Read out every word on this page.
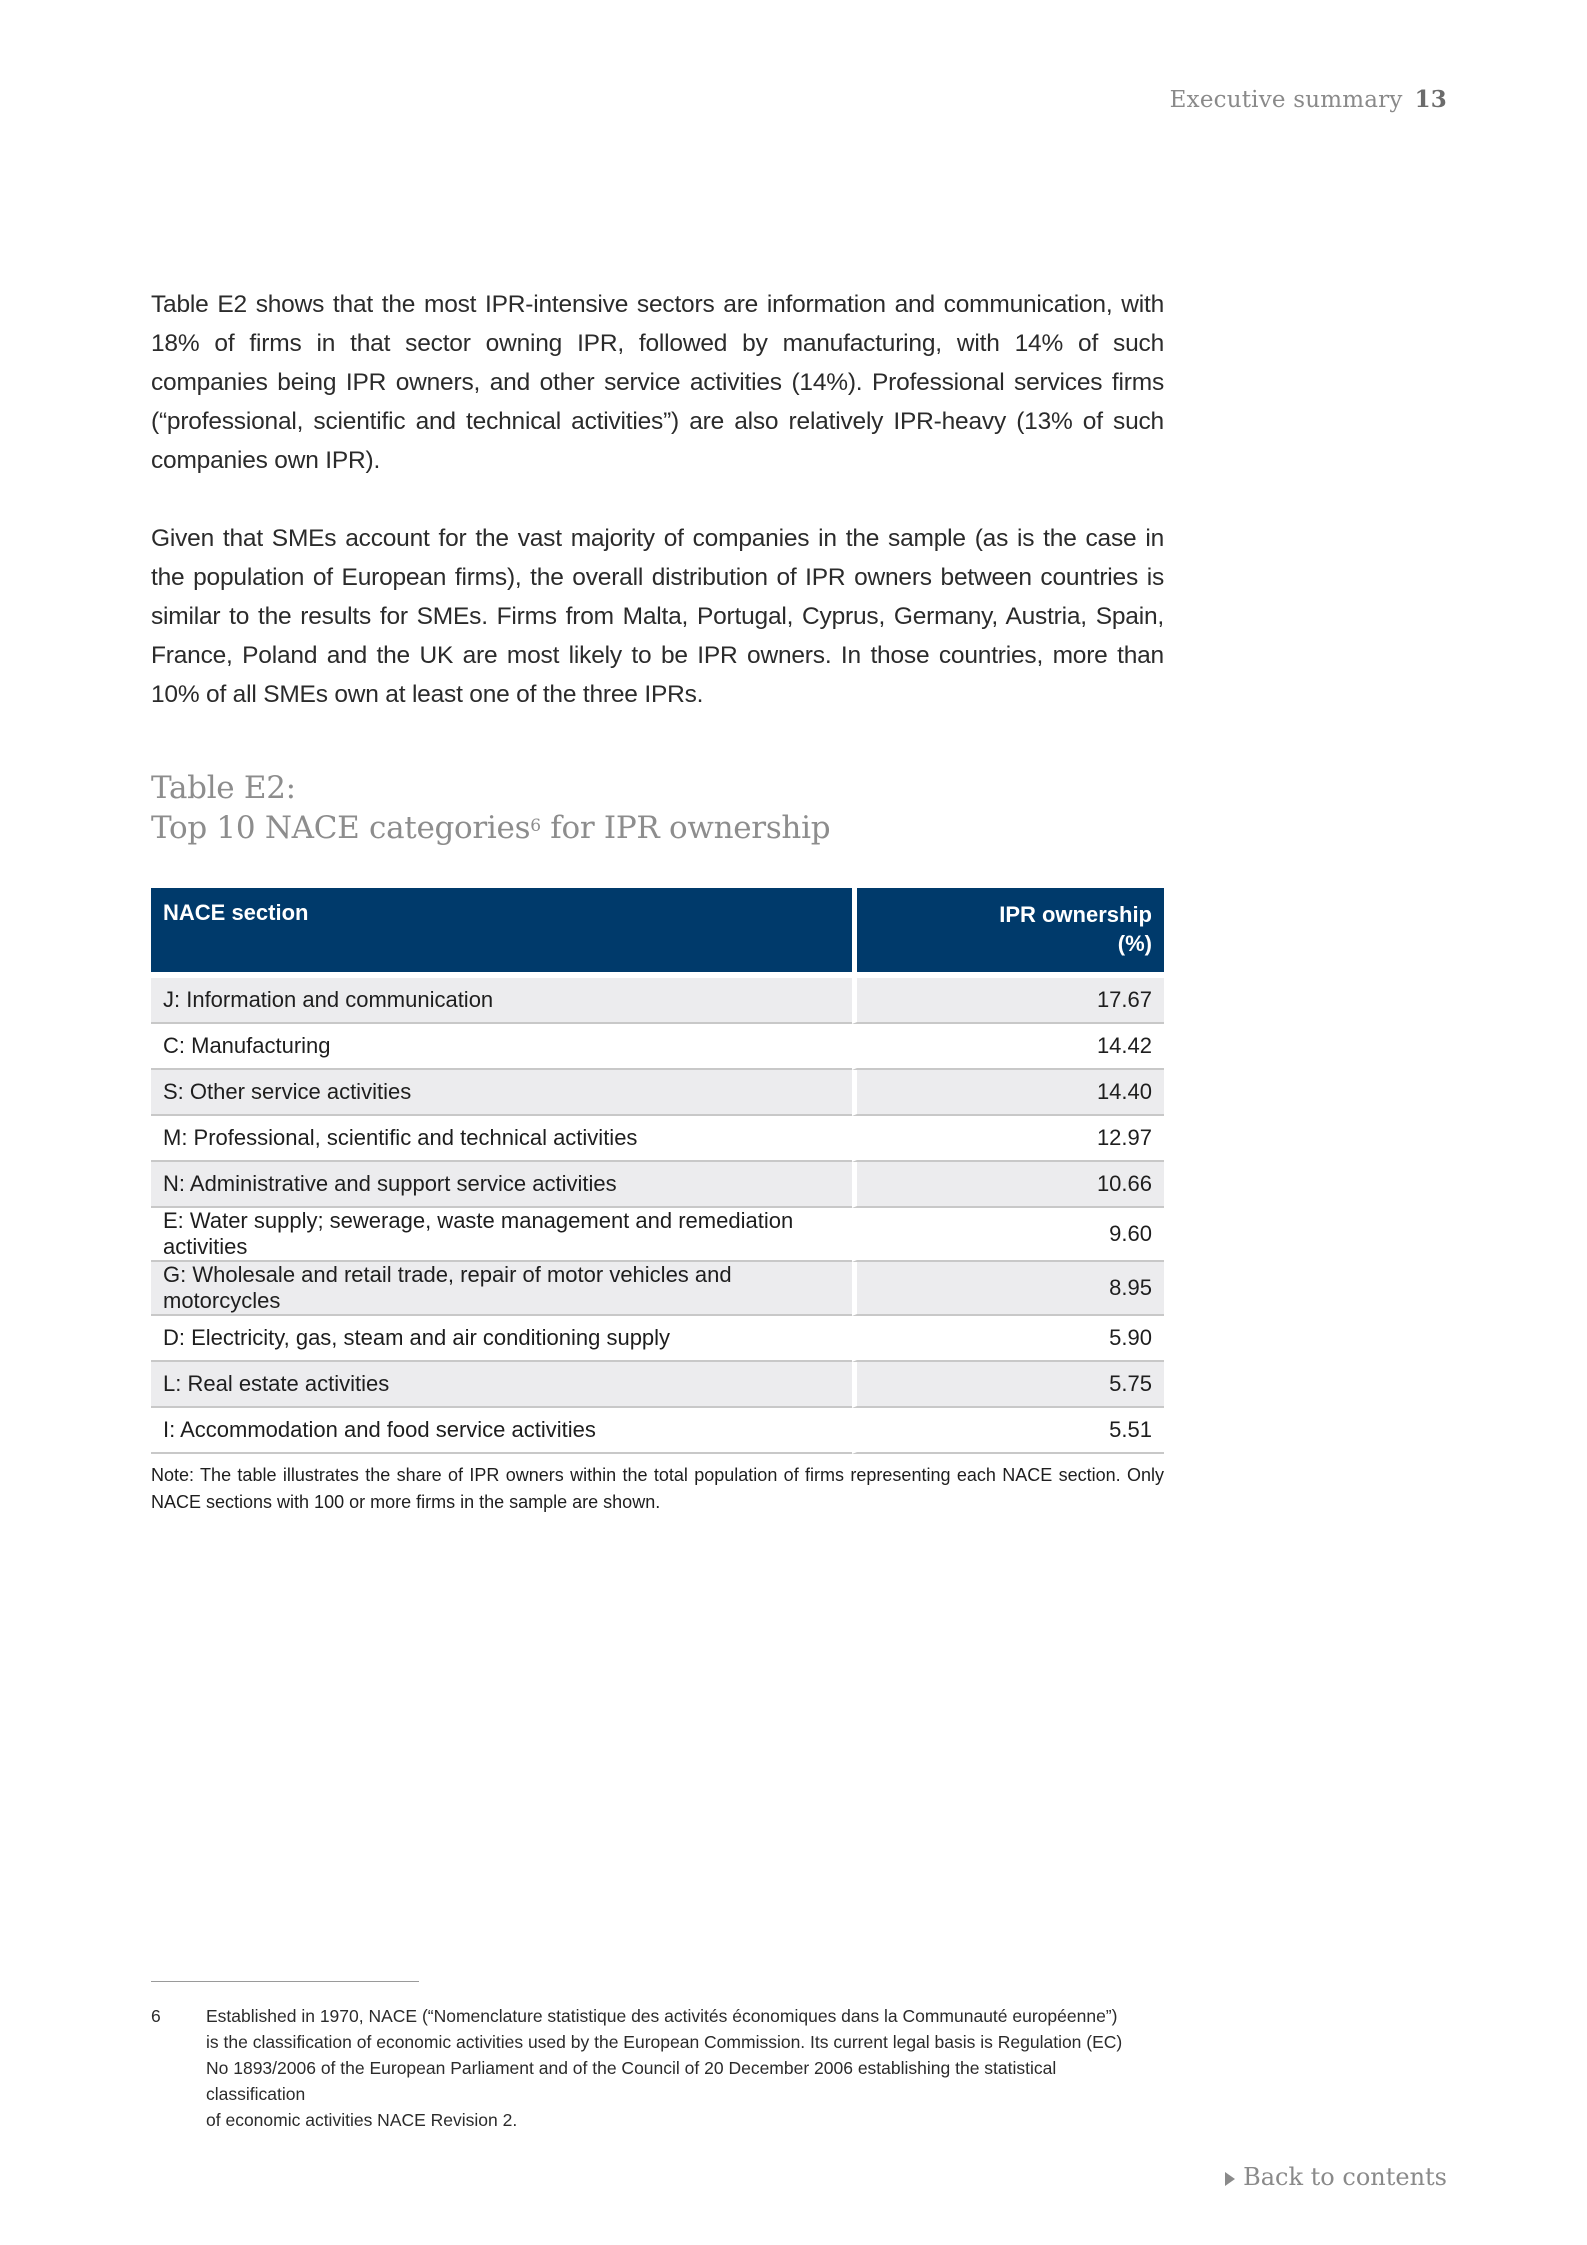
Executive summary 13

Table E2 shows that the most IPR-intensive sectors are information and communication, with 18% of firms in that sector owning IPR, followed by manufacturing, with 14% of such companies being IPR owners, and other service activities (14%). Professional services firms (“professional, scientific and technical activities”) are also relatively IPR-heavy (13% of such companies own IPR).

Given that SMEs account for the vast majority of companies in the sample (as is the case in the population of European firms), the overall distribution of IPR owners between countries is similar to the results for SMEs. Firms from Malta, Portugal, Cyprus, Germany, Austria, Spain, France, Poland and the UK are most likely to be IPR owners. In those countries, more than 10% of all SMEs own at least one of the three IPRs.

Table E2:
Top 10 NACE categories$^6$ for IPR ownership
NACE section	IPR ownership
(%)

J: Information and communication	17.67
C: Manufacturing	14.42
S: Other service activities	14.40
M: Professional, scientific and technical activities	12.97
N: Administrative and support service activities	10.66
E: Water supply; sewerage, waste management and remediation activities	9.60
G: Wholesale and retail trade, repair of motor vehicles and motorcycles	8.95
D: Electricity, gas, steam and air conditioning supply	5.90
L: Real estate activities	5.75
I: Accommodation and food service activities	5.51
Note: The table illustrates the share of IPR owners within the total population of firms representing each NACE section. Only NACE sections with 100 or more firms in the sample are shown.
6	Established in 1970, NACE (“Nomenclature statistique des activités économiques dans la Communauté européenne”)
is the classification of economic activities used by the European Commission. Its current legal basis is Regulation (EC)
No 1893/2006 of the European Parliament and of the Council of 20 December 2006 establishing the statistical classification
of economic activities NACE Revision 2.
Back to contents
